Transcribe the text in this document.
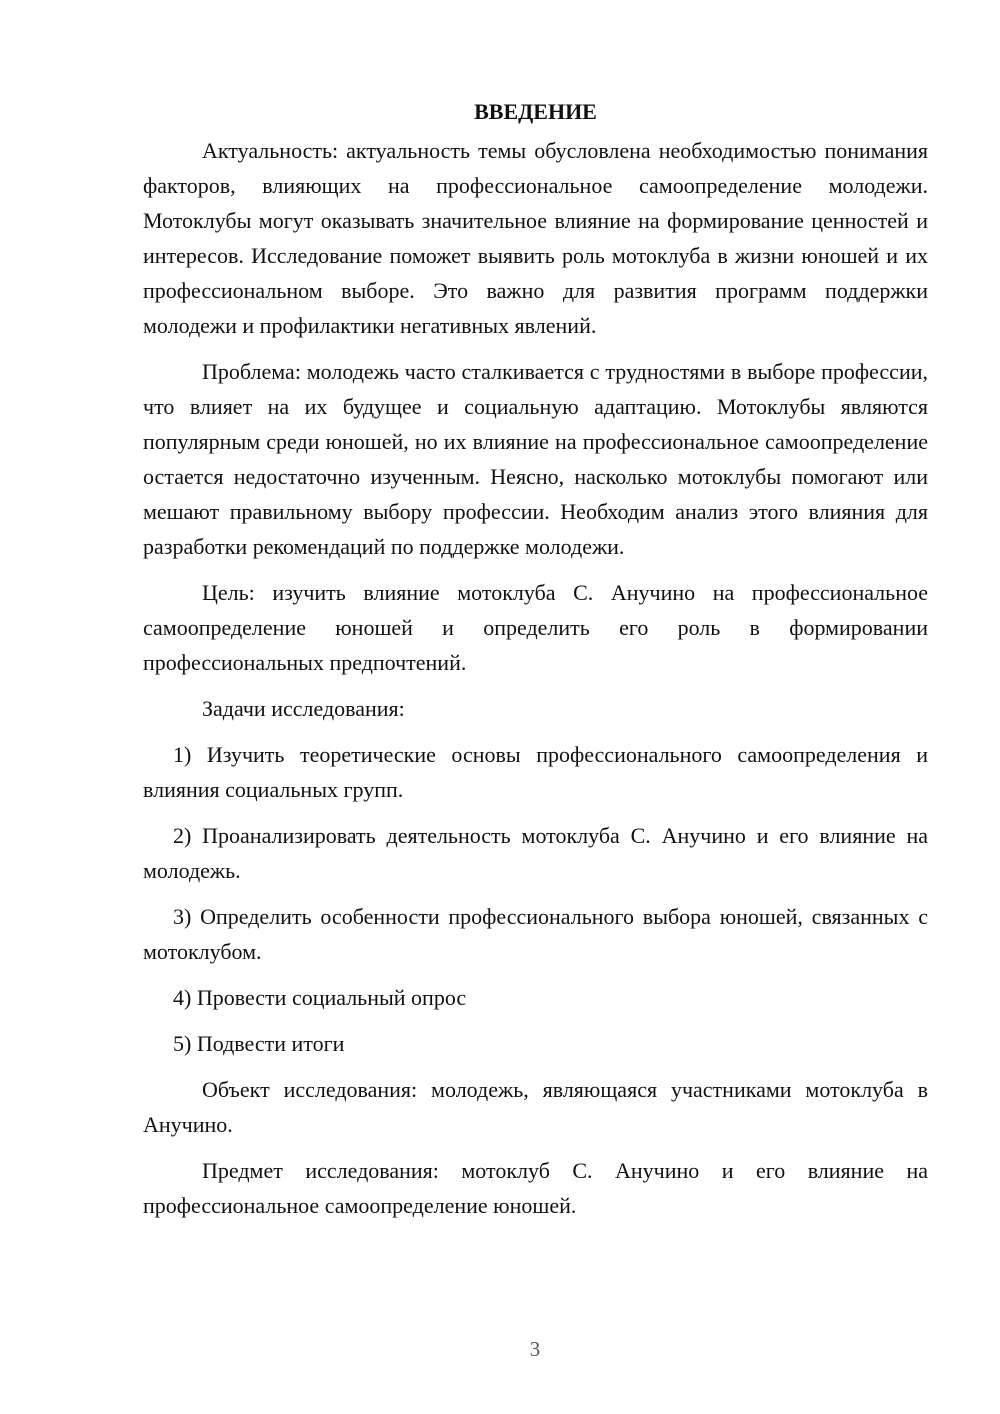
ВВЕДЕНИЕ

Актуальность: актуальность темы обусловлена необходимостью понимания факторов, влияющих на профессиональное самоопределение молодежи. Мотоклубы могут оказывать значительное влияние на формирование ценностей и интересов. Исследование поможет выявить роль мотоклуба в жизни юношей и их профессиональном выборе. Это важно для развития программ поддержки молодежи и профилактики негативных явлений.

Проблема: молодежь часто сталкивается с трудностями в выборе профессии, что влияет на их будущее и социальную адаптацию. Мотоклубы являются популярным среди юношей, но их влияние на профессиональное самоопределение остается недостаточно изученным. Неясно, насколько мотоклубы помогают или мешают правильному выбору профессии. Необходим анализ этого влияния для разработки рекомендаций по поддержке молодежи.

Цель: изучить влияние мотоклуба С. Анучино на профессиональное самоопределение юношей и определить его роль в формировании профессиональных предпочтений.

Задачи исследования:

1) Изучить теоретические основы профессионального самоопределения и влияния социальных групп.

2) Проанализировать деятельность мотоклуба С. Анучино и его влияние на молодежь.

3) Определить особенности профессионального выбора юношей, связанных с мотоклубом.

4) Провести социальный опрос

5) Подвести итоги

Объект исследования: молодежь, являющаяся участниками мотоклуба в Анучино.

Предмет исследования: мотоклуб С. Анучино и его влияние на профессиональное самоопределение юношей.

3
